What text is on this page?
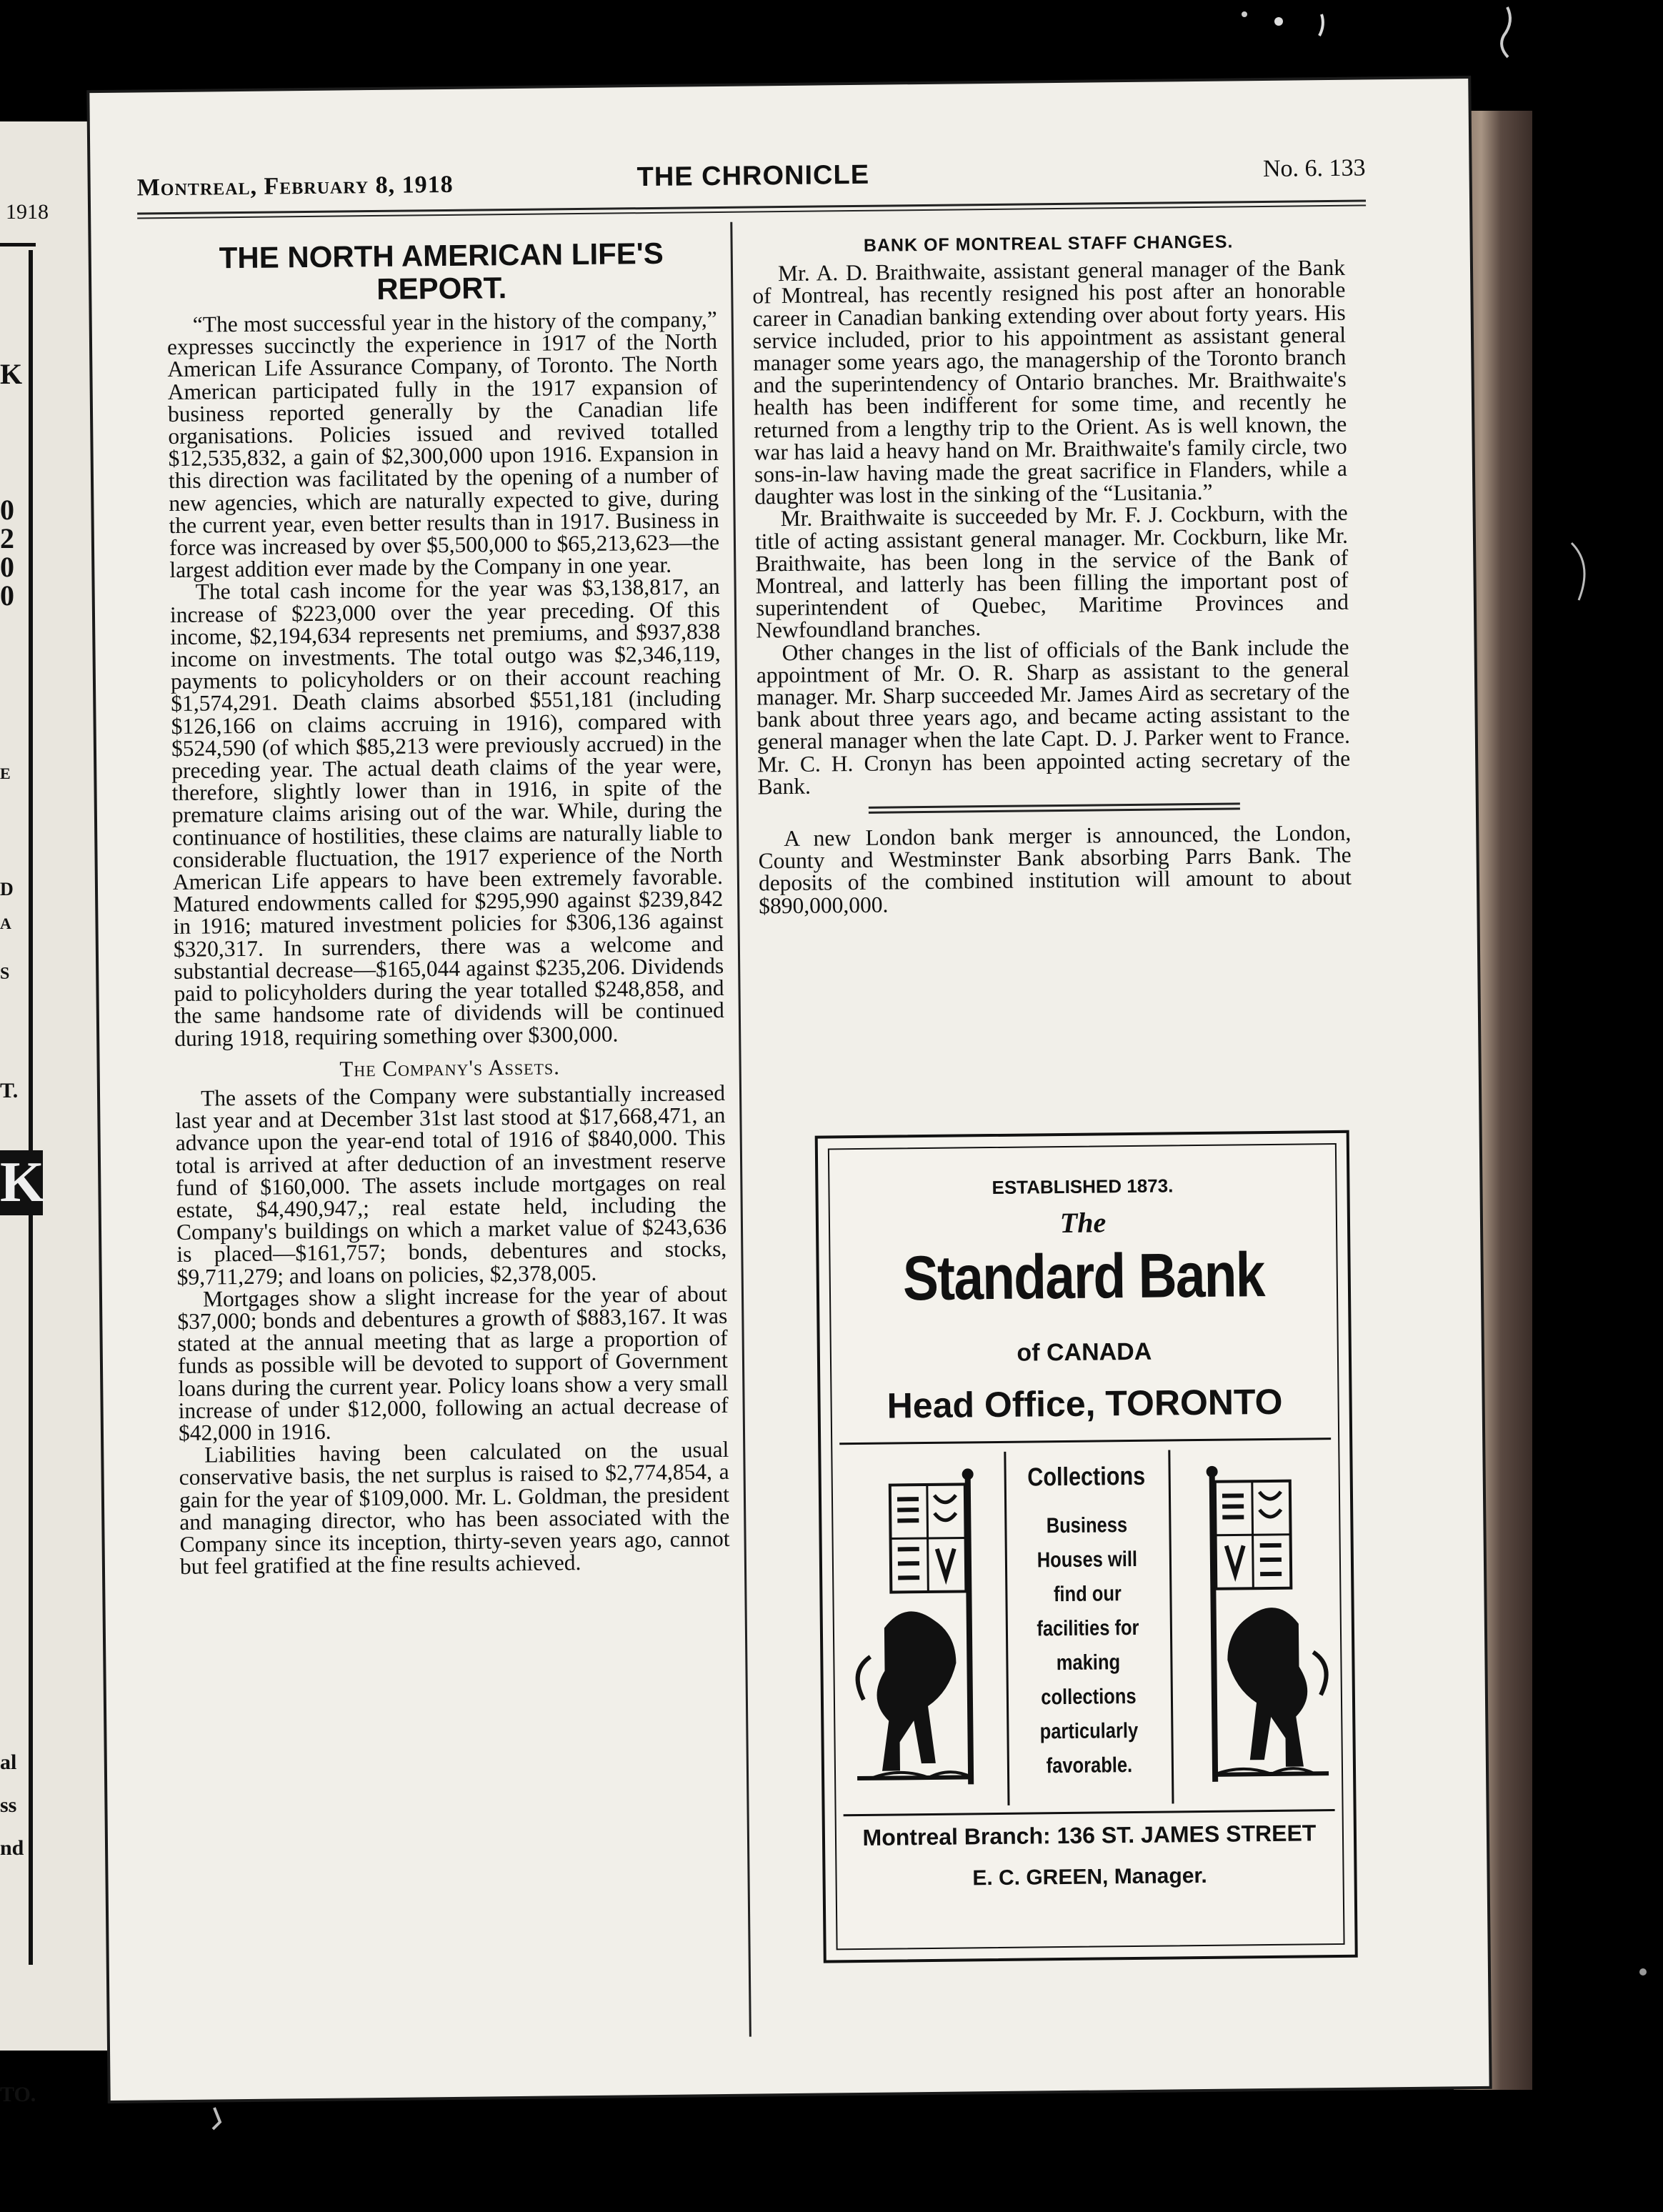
1918
K
0
2
0
0
E
D
A
S
T.
K
al
ss
nd
TO.
Montreal, February 8, 1918	THE CHRONICLE	No. 6. 133
THE NORTH AMERICAN LIFE'S
REPORT.

“The most successful year in the history of the company,” expresses succinctly the experience in 1917 of the North American Life Assurance Company, of Toronto. The North American participated fully in the 1917 expansion of business reported generally by the Canadian life organisations. Policies issued and revived totalled $12,535,832, a gain of $2,300,000 upon 1916. Expansion in this direction was facilitated by the opening of a number of new agencies, which are naturally expected to give, during the current year, even better results than in 1917. Business in force was increased by over $5,500,000 to $65,213,623—the largest addition ever made by the Company in one year.

The total cash income for the year was $3,138,817, an increase of $223,000 over the year preceding. Of this income, $2,194,634 represents net premiums, and $937,838 income on investments. The total outgo was $2,346,119, payments to policyholders or on their account reaching $1,574,291. Death claims absorbed $551,181 (including $126,166 on claims accruing in 1916), compared with $524,590 (of which $85,213 were previously accrued) in the preceding year. The actual death claims of the year were, therefore, slightly lower than in 1916, in spite of the premature claims arising out of the war. While, during the continuance of hostilities, these claims are naturally liable to considerable fluctuation, the 1917 experience of the North American Life appears to have been extremely favorable. Matured endowments called for $295,990 against $239,842 in 1916; matured investment policies for $306,136 against $320,317. In surrenders, there was a welcome and substantial decrease—$165,044 against $235,206. Dividends paid to policyholders during the year totalled $248,858, and the same handsome rate of dividends will be continued during 1918, requiring something over $300,000.

The Company's Assets.

The assets of the Company were substantially increased last year and at December 31st last stood at $17,668,471, an advance upon the year-end total of 1916 of $840,000. This total is arrived at after deduction of an investment reserve fund of $160,000. The assets include mortgages on real estate, $4,490,947,; real estate held, including the Company's buildings on which a market value of $243,636 is placed—$161,757; bonds, debentures and stocks, $9,711,279; and loans on policies, $2,378,005.

Mortgages show a slight increase for the year of about $37,000; bonds and debentures a growth of $883,167. It was stated at the annual meeting that as large a proportion of funds as possible will be devoted to support of Government loans during the current year. Policy loans show a very small increase of under $12,000, following an actual decrease of $42,000 in 1916.

Liabilities having been calculated on the usual conservative basis, the net surplus is raised to $2,774,854, a gain for the year of $109,000. Mr. L. Goldman, the president and managing director, who has been associated with the Company since its inception, thirty-seven years ago, cannot but feel gratified at the fine results achieved.

BANK OF MONTREAL STAFF CHANGES.

Mr. A. D. Braithwaite, assistant general manager of the Bank of Montreal, has recently resigned his post after an honorable career in Canadian banking extending over about forty years. His service included, prior to his appointment as assistant general manager some years ago, the managership of the Toronto branch and the superintendency of Ontario branches. Mr. Braithwaite's health has been indifferent for some time, and recently he returned from a lengthy trip to the Orient. As is well known, the war has laid a heavy hand on Mr. Braithwaite's family circle, two sons-in-law having made the great sacrifice in Flanders, while a daughter was lost in the sinking of the “Lusitania.”

Mr. Braithwaite is succeeded by Mr. F. J. Cockburn, with the title of acting assistant general manager. Mr. Cockburn, like Mr. Braithwaite, has been long in the service of the Bank of Montreal, and latterly has been filling the important post of superintendent of Quebec, Maritime Provinces and Newfoundland branches.

Other changes in the list of officials of the Bank include the appointment of Mr. O. R. Sharp as assistant to the general manager. Mr. Sharp succeeded Mr. James Aird as secretary of the bank about three years ago, and became acting assistant to the general manager when the late Capt. D. J. Parker went to France. Mr. C. H. Cronyn has been appointed acting secretary of the Bank.

A new London bank merger is announced, the London, County and Westminster Bank absorbing Parrs Bank. The deposits of the combined institution will amount to about $890,000,000.

ESTABLISHED 1873.
The
Standard Bank
of CANADA
Head Office, TORONTO
Collections
Business
Houses will
find our
facilities for
making
collections
particularly
favorable.
Montreal Branch: 136 ST. JAMES STREET
E. C. GREEN, Manager.
